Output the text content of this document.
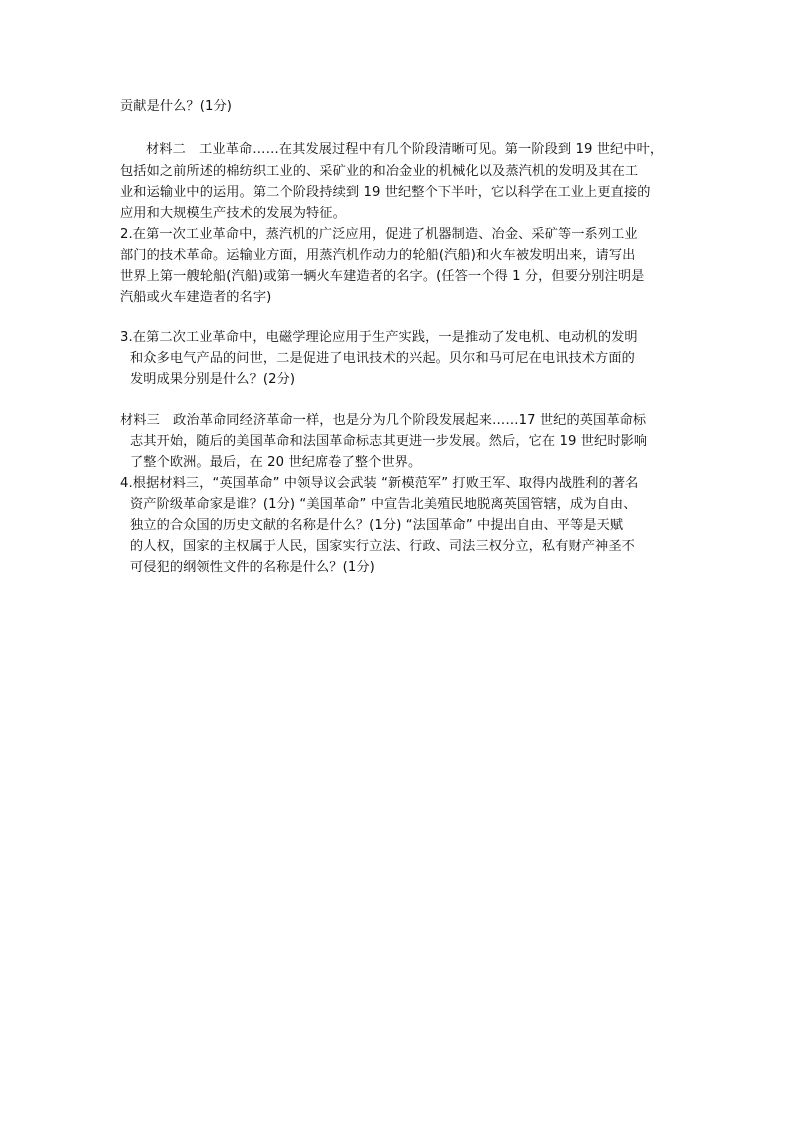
贡献是什么？(1分)
材料二　工业革命……在其发展过程中有几个阶段清晰可见。第一阶段到 19 世纪中叶，
包括如之前所述的棉纺织工业的、采矿业的和冶金业的机械化以及蒸汽机的发明及其在工
业和运输业中的运用。第二个阶段持续到 19 世纪整个下半叶，它以科学在工业上更直接的
应用和大规模生产技术的发展为特征。
2.在第一次工业革命中，蒸汽机的广泛应用，促进了机器制造、冶金、采矿等一系列工业
部门的技术革命。运输业方面，用蒸汽机作动力的轮船(汽船)和火车被发明出来，请写出
世界上第一艘轮船(汽船)或第一辆火车建造者的名字。(任答一个得 1 分，但要分别注明是
汽船或火车建造者的名字)
3.在第二次工业革命中，电磁学理论应用于生产实践，一是推动了发电机、电动机的发明
和众多电气产品的问世，二是促进了电讯技术的兴起。贝尔和马可尼在电讯技术方面的
发明成果分别是什么？(2分)
材料三　政治革命同经济革命一样，也是分为几个阶段发展起来……17 世纪的英国革命标
志其开始，随后的美国革命和法国革命标志其更进一步发展。然后，它在 19 世纪时影响
了整个欧洲。最后，在 20 世纪席卷了整个世界。
4.根据材料三，“英国革命” 中领导议会武装 “新模范军” 打败王军、取得内战胜利的著名
资产阶级革命家是谁？(1分) “美国革命” 中宣告北美殖民地脱离英国管辖，成为自由、
独立的合众国的历史文献的名称是什么？(1分) “法国革命” 中提出自由、平等是天赋
的人权，国家的主权属于人民，国家实行立法、行政、司法三权分立，私有财产神圣不
可侵犯的纲领性文件的名称是什么？(1分)
